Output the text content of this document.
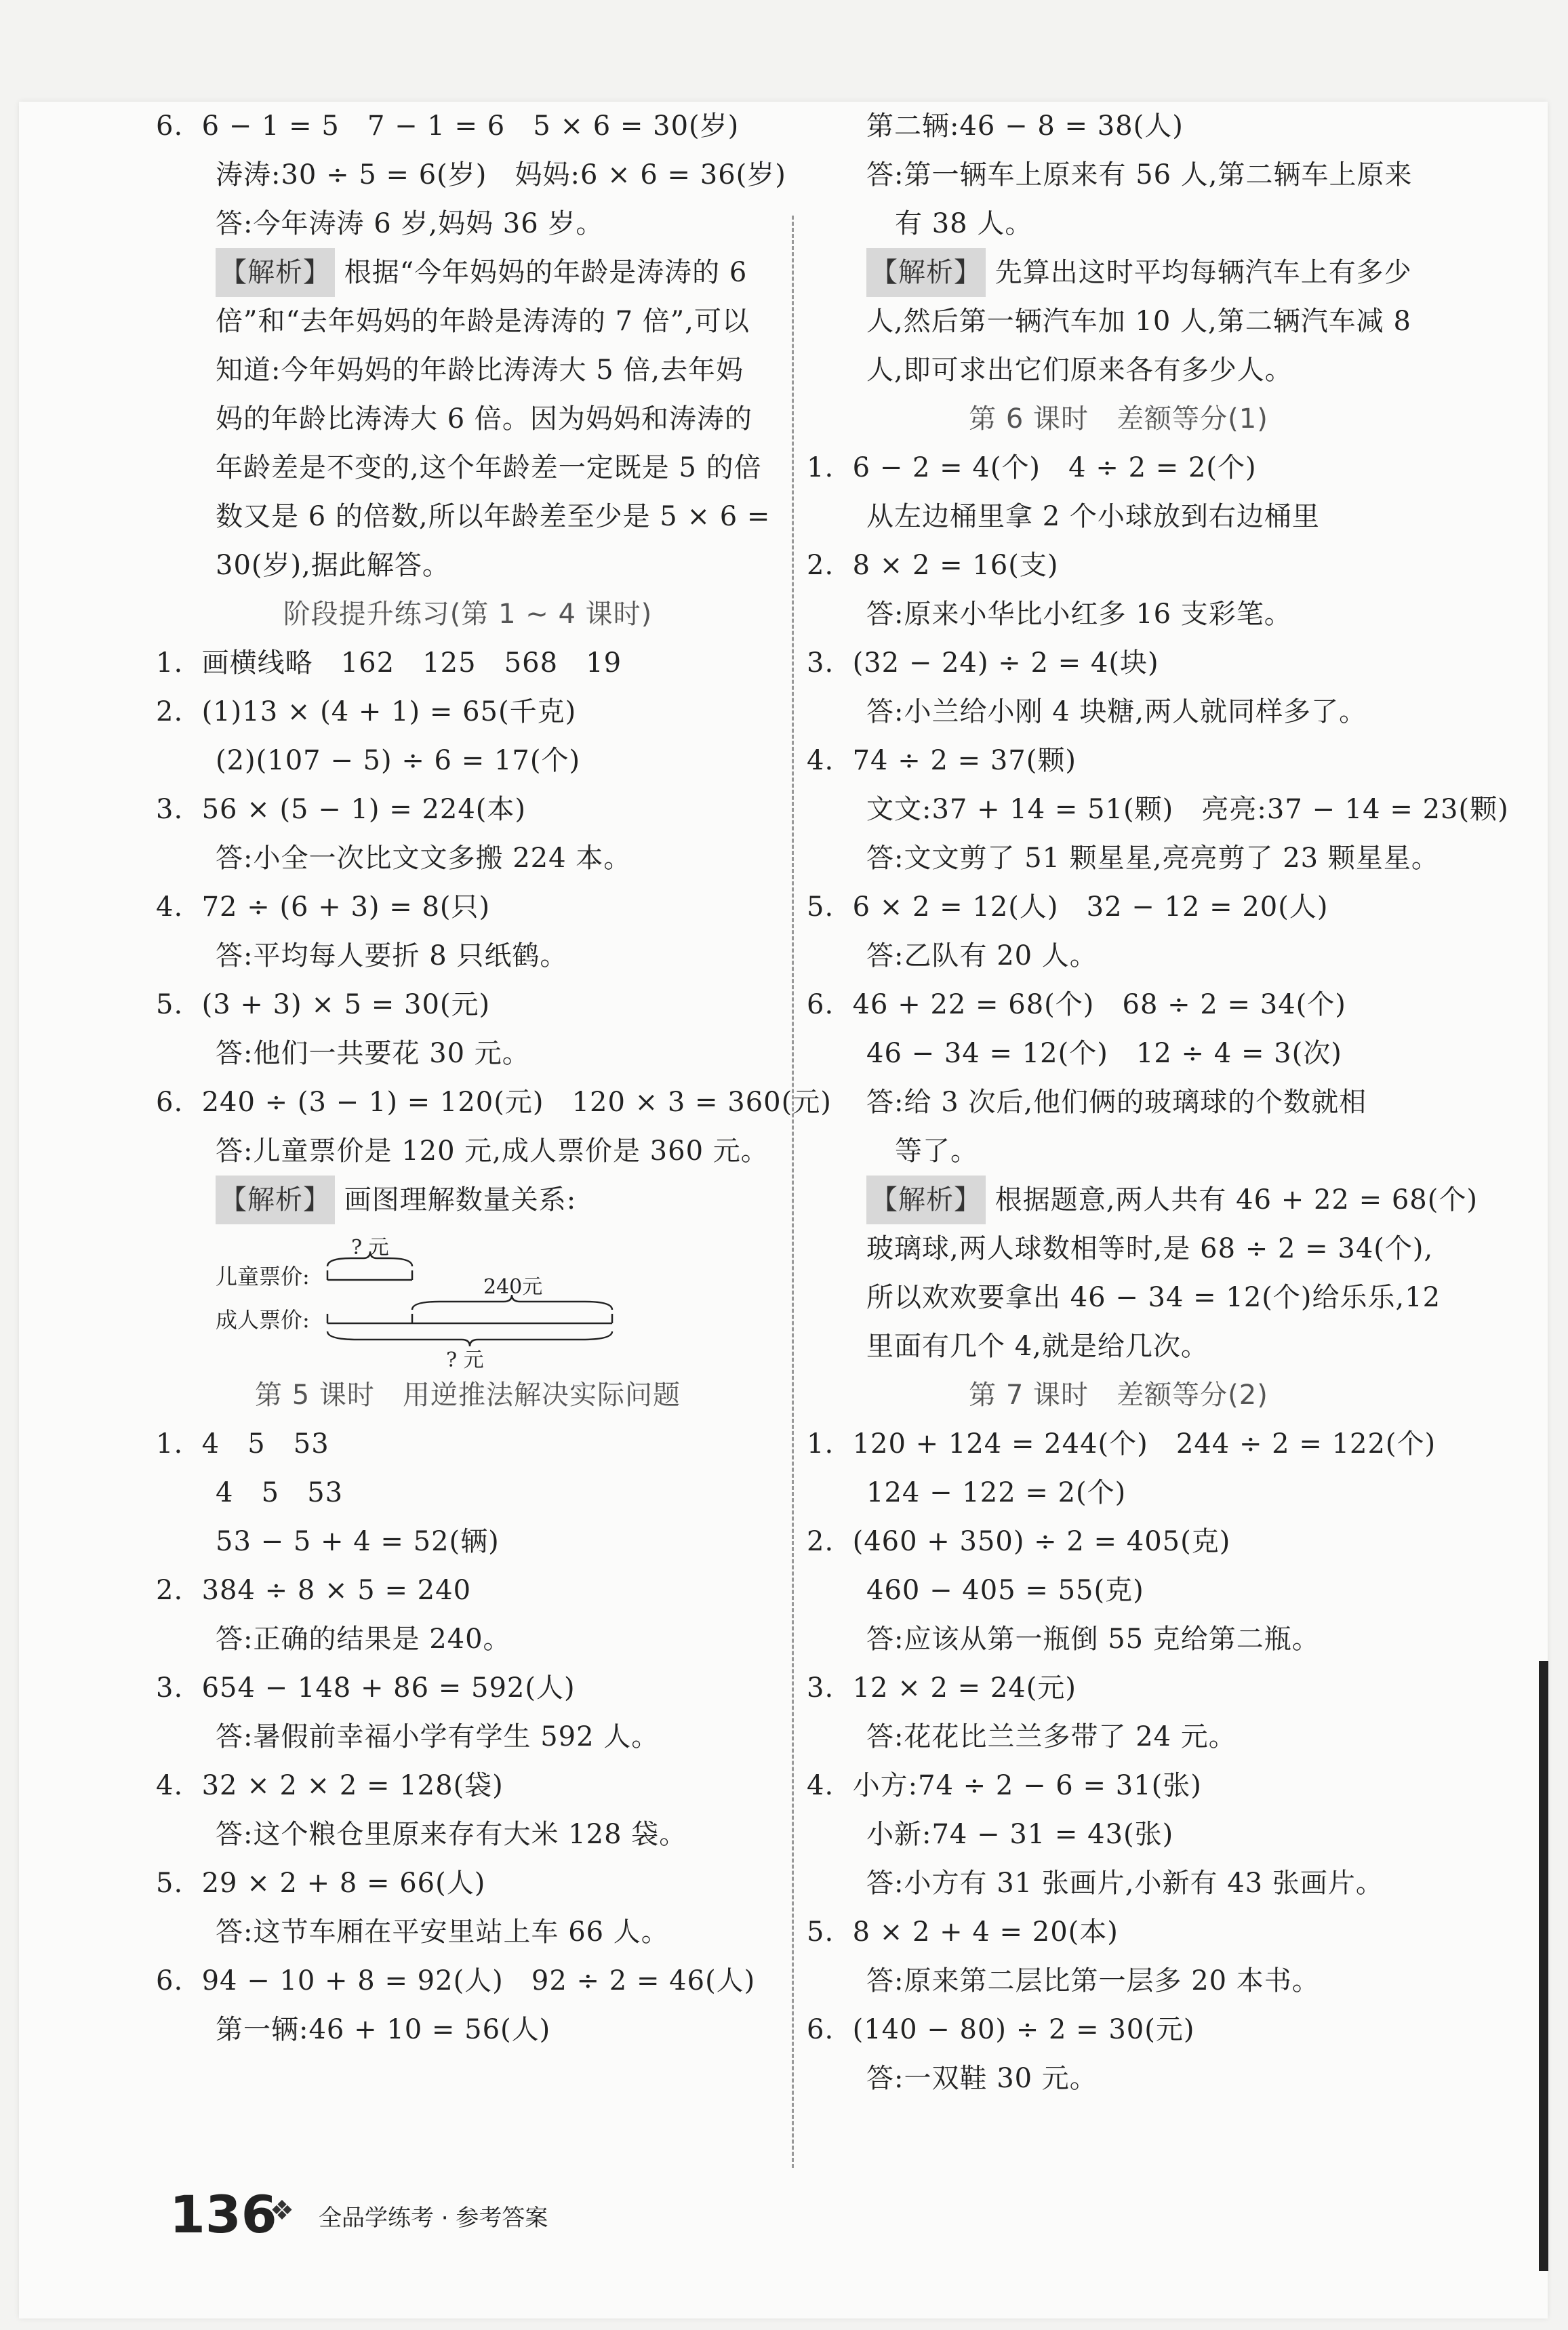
6.  6 − 1 = 5   7 − 1 = 6   5 × 6 = 30(岁)
涛涛:30 ÷ 5 = 6(岁)   妈妈:6 × 6 = 36(岁)
答:今年涛涛 6 岁,妈妈 36 岁。
【解析】 根据“今年妈妈的年龄是涛涛的 6
倍”和“去年妈妈的年龄是涛涛的 7 倍”,可以
知道:今年妈妈的年龄比涛涛大 5 倍,去年妈
妈的年龄比涛涛大 6 倍。因为妈妈和涛涛的
年龄差是不变的,这个年龄差一定既是 5 的倍
数又是 6 的倍数,所以年龄差至少是 5 × 6 =
30(岁),据此解答。
阶段提升练习(第 1 ~ 4 课时)
1.  画横线略   162   125   568   19
2.  (1)13 × (4 + 1) = 65(千克)
(2)(107 − 5) ÷ 6 = 17(个)
3.  56 × (5 − 1) = 224(本)
答:小全一次比文文多搬 224 本。
4.  72 ÷ (6 + 3) = 8(只)
答:平均每人要折 8 只纸鹤。
5.  (3 + 3) × 5 = 30(元)
答:他们一共要花 30 元。
6.  240 ÷ (3 − 1) = 120(元)   120 × 3 = 360(元)
答:儿童票价是 120 元,成人票价是 360 元。
【解析】 画图理解数量关系:
第 5 课时   用逆推法解决实际问题
1.  4   5   53
4   5   53
53 − 5 + 4 = 52(辆)
2.  384 ÷ 8 × 5 = 240
答:正确的结果是 240。
3.  654 − 148 + 86 = 592(人)
答:暑假前幸福小学有学生 592 人。
4.  32 × 2 × 2 = 128(袋)
答:这个粮仓里原来存有大米 128 袋。
5.  29 × 2 + 8 = 66(人)
答:这节车厢在平安里站上车 66 人。
6.  94 − 10 + 8 = 92(人)   92 ÷ 2 = 46(人)
第一辆:46 + 10 = 56(人)
儿童票价:
成人票价:
? 元
240元
? 元
第二辆:46 − 8 = 38(人)
答:第一辆车上原来有 56 人,第二辆车上原来
有 38 人。
【解析】 先算出这时平均每辆汽车上有多少
人,然后第一辆汽车加 10 人,第二辆汽车减 8
人,即可求出它们原来各有多少人。
第 6 课时   差额等分(1)
1.  6 − 2 = 4(个)   4 ÷ 2 = 2(个)
从左边桶里拿 2 个小球放到右边桶里
2.  8 × 2 = 16(支)
答:原来小华比小红多 16 支彩笔。
3.  (32 − 24) ÷ 2 = 4(块)
答:小兰给小刚 4 块糖,两人就同样多了。
4.  74 ÷ 2 = 37(颗)
文文:37 + 14 = 51(颗)   亮亮:37 − 14 = 23(颗)
答:文文剪了 51 颗星星,亮亮剪了 23 颗星星。
5.  6 × 2 = 12(人)   32 − 12 = 20(人)
答:乙队有 20 人。
6.  46 + 22 = 68(个)   68 ÷ 2 = 34(个)
46 − 34 = 12(个)   12 ÷ 4 = 3(次)
答:给 3 次后,他们俩的玻璃球的个数就相
等了。
【解析】 根据题意,两人共有 46 + 22 = 68(个)
玻璃球,两人球数相等时,是 68 ÷ 2 = 34(个),
所以欢欢要拿出 46 − 34 = 12(个)给乐乐,12
里面有几个 4,就是给几次。
第 7 课时   差额等分(2)
1.  120 + 124 = 244(个)   244 ÷ 2 = 122(个)
124 − 122 = 2(个)
2.  (460 + 350) ÷ 2 = 405(克)
460 − 405 = 55(克)
答:应该从第一瓶倒 55 克给第二瓶。
3.  12 × 2 = 24(元)
答:花花比兰兰多带了 24 元。
4.  小方:74 ÷ 2 − 6 = 31(张)
小新:74 − 31 = 43(张)
答:小方有 31 张画片,小新有 43 张画片。
5.  8 × 2 + 4 = 20(本)
答:原来第二层比第一层多 20 本书。
6.  (140 − 80) ÷ 2 = 30(元)
答:一双鞋 30 元。
136
❖ 全品学练考 · 参考答案
